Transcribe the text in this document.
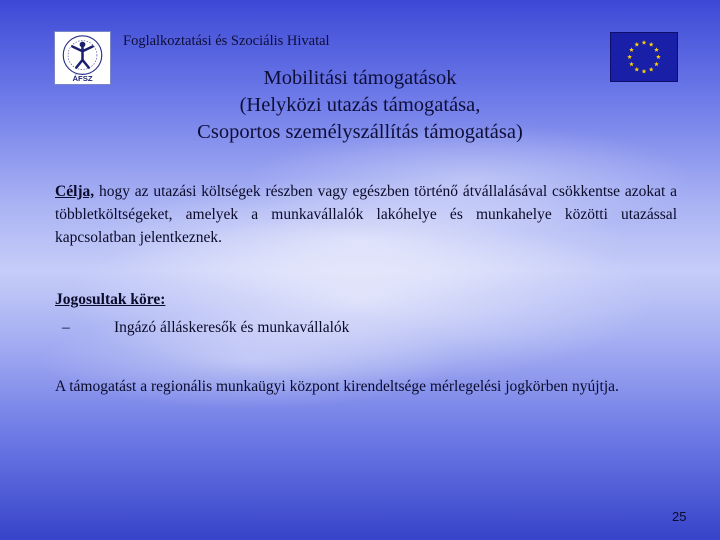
ÁFSZ
Foglalkoztatási és Szociális Hivatal
Mobilitási támogatások
(Helyközi utazás támogatása,
Csoportos személyszállítás támogatása)
Célja, hogy az utazási költségek részben vagy egészben történő átvállalásával csökkentse azokat a többletköltségeket, amelyek a munkavállalók lakóhelye és munkahelye közötti utazással kapcsolatban jelentkeznek.
Jogosultak köre:
–	Ingázó álláskeresők és munkavállalók
A támogatást a regionális munkaügyi központ kirendeltsége mérlegelési jogkörben nyújtja.
25
